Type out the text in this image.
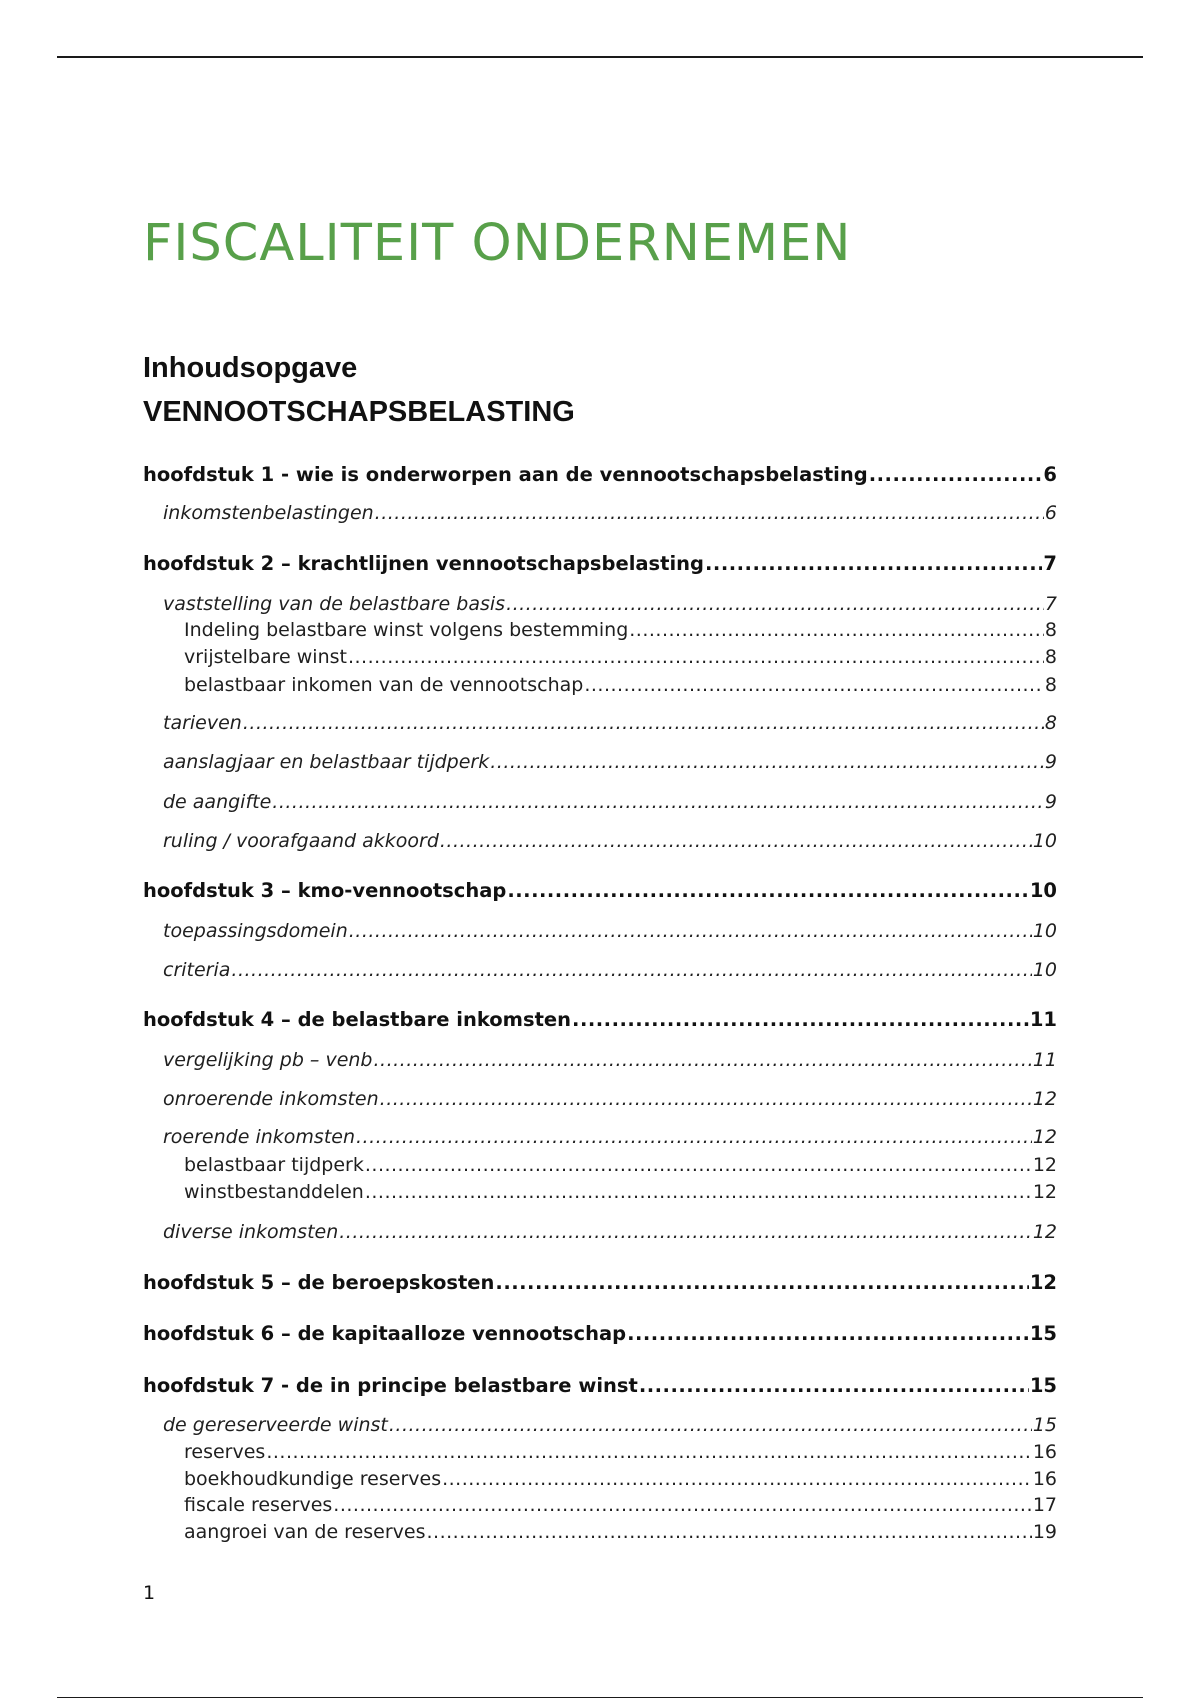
FISCALITEIT ONDERNEMEN
Inhoudsopgave
VENNOOTSCHAPSBELASTING
hoofdstuk 1 - wie is onderworpen aan de vennootschapsbelasting .....	6
inkomstenbelastingen .....	6
hoofdstuk 2 – krachtlijnen vennootschapsbelasting .....	7
vaststelling van de belastbare basis .....	7
Indeling belastbare winst volgens bestemming .....	8
vrijstelbare winst .....	8
belastbaar inkomen van de vennootschap .....	8
tarieven .....	8
aanslagjaar en belastbaar tijdperk .....	9
de aangifte .....	9
ruling / voorafgaand akkoord .....	10
hoofdstuk 3 – kmo-vennootschap .....	10
toepassingsdomein .....	10
criteria .....	10
hoofdstuk 4 – de belastbare inkomsten .....	11
vergelijking pb – venb .....	11
onroerende inkomsten .....	12
roerende inkomsten .....	12
belastbaar tijdperk .....	12
winstbestanddelen .....	12
diverse inkomsten .....	12
hoofdstuk 5 – de beroepskosten .....	12
hoofdstuk 6 – de kapitaalloze vennootschap .....	15
hoofdstuk 7 - de in principe belastbare winst .....	15
de gereserveerde winst .....	15
reserves .....	16
boekhoudkundige reserves .....	16
fiscale reserves .....	17
aangroei van de reserves .....	19
1
